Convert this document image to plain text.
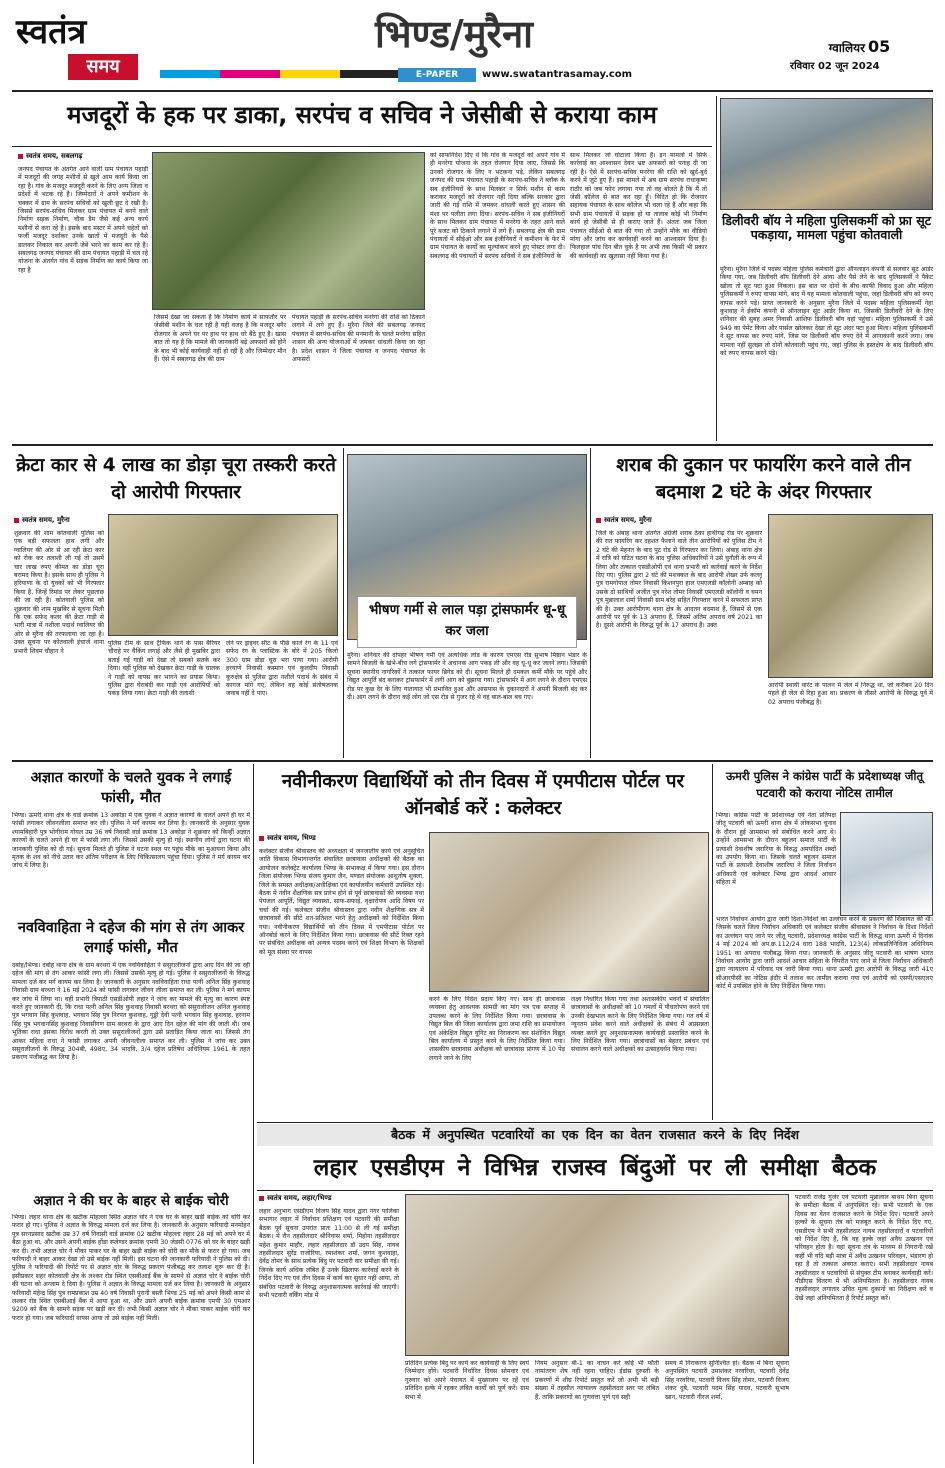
स्वतंत्र
समय
भिण्ड/मुरैना
E-PAPER	www.swatantrasamay.com
ग्वालियर 05
रविवार 02 जून 2024
मजदूरों के हक पर डाका, सरपंच व सचिव ने जेसीबी से कराया काम
स्वतंत्र समय, सबलगढ़
जनपद पंचायत के अंतर्गत आने वाली ग्राम पंचायत पहाड़ी में मजदूरों की जगह मशीनों से खुले आम कार्य किया जा रहा है। गांव के मजदूर मजदूरी करने के लिए अन्य जिला व प्रदेशों में भटक रहे है। जिम्मेदारों ने अपने कमीशन के चक्कर में ग्राम के सरपंच सचिवों को खुली छूट दे रखी है। जिससे सरपंच-सचिव मिलकर ग्राम पंचायत में बनने वाले निर्माण सड़क निर्माण, चौक डैम जैसे कई अन्य कार्य मशीनों से करा रहे है। इसके बाद मस्टर में अपने चहेतों को फर्जी मजदूर दर्शाकर उनके खातों में मजदूरी के पैसे डालकर निकाल कर अपनी जेबें भरने का काम कर रहे है। सबलगढ़ जनपद पंचायत की ग्राम पंचायत पहाड़ी में चल रहे योजना के अंतर्गत गांव में सड़क निर्माण का कार्य किया जा रहा है
जिसमें देखा जा सकता है कि निर्माण कार्य में साफतौर पर जेसीबी मशीन के चल रही है यही वजह है कि मजदूर बगैर रोजगार के अपने घर पर हाथ पर हाथ धरे बैठे हुए है। खास बात तो यह है कि मामले की जानकारी बढ़े अफसरों को होने के बाद भी कोई कार्यवाही नहीं हो रही है और जिम्मेदार मौन हैं। ऐसे में सबलगढ़ क्षेत्र की ग्राम
पंचायत पहाड़ी के सरपंच-सचिव मनरेगा की राशि को ठिकाने लगाने में लगे हुए हैं। मुरैना जिले की सबलगढ़ जनपद पंचायत में सरपंच-सचिव की मनमानी के चलते मनरेगा सहित शासन की अन्य योजनाओं में जमकर धांधली किया जा रहा है। प्रदेश शासन ने जिला पंचायत व जनपद पंचायत के अफसरों
को साफनिर्देश दिए थे कि गांव के मजदूरों को अपने गांव में ही मनरेगा योजना के तहत रोजगार दिया जाए, जिससे कि उनको रोजगार के लिए न भटकना पड़े, लेकिन सबलगढ़ जनपद की ग्राम पंचायत पहाड़ी के सरपंच-सचिव ने ब्लॉक के सब इंजीनियरों के साथ मिलकर न सिर्फ मशीन से काम कराकर मजदूरों को रोजगार नहीं दिया बल्कि सरकार द्वारा जारी की गई राशि में जमकर धांधली करते हुए शासन की मंशा पर पलीता लगा दिया। सरपंच-सचिव ने सब इंजीनियरों के साथ मिलकर ग्राम पंचायत में मनरेगा के तहत आने वाले पूरे बजट को ठिकाने लगाने में लगे हैं। सबलगढ़ क्षेत्र की ग्राम पंचायतों में सीईओ और सब इंजीनियरों ने कमीशन के फेर में ग्राम पंचायत के कार्यों का मूल्यांकन करने हुए पोस्टर लगा दी। सबलगढ़ की पंचायतों में सरपंच सचिवों ने सब इंजीनियरों के
साथ मिलकर जो घोटाला किया है। इन मामलों में सिर्फ कार्रवाई का आश्वासन देकर भ्रष्ट अफसरों को पनाह दी जा रही है। ऐसे में सरपंच-सचिव मनरेगा की राशि को खुर्द-बुर्द करने में जुटे हुए हैं। इस मामले में अब ग्राम सरपंच राधाकृष्ण राठौर को जब फोन लगाया गया तो वह बोलते है कि मैं तो जेसी कॉलेज से बात कर रहा हूँ। विदित हो कि रोजगार सहायक पंचायत के साथ कॉलेज भी चला रहे हैं और कहा कि सभी ग्राम पंचायतों में सड़क हो या तालाब कोई भी निर्माण कार्य हो जेसीबी से ही कराए जाते हैं। अंततः जब जिला पंचायत सीईओ से बात की गया तो उन्होंने मौके का वीडियो मांगा और जांच कर कार्यवाही करने का आश्वासन दिया है। फिलहाल पांच दिन बीत चुके है पर अभी तक किसी भी प्रकार की कार्यवाही का खुलासा नहीं किया गया है।
डिलीवरी बॉय ने महिला पुलिसकर्मी को फ्रा सूट पकड़ाया, मामला पहुंचा कोतवाली
मुरैना। मुरैना जिले में पदस्थ महिला पुलिस कर्मचारी द्वारा ऑनलाइन कंपनी से सलवार सूट आर्डर किया गया, जब डिलीवरी बॉय डिलीवरी देने आया और पैसे लेने के बाद पुलिसकर्मी ने पैकेट खोला तो सूट फ्टा हुआ निकला। इस बात पर दोनों के बीच काफी विवाद हुआ और महिला पुलिसकर्मी ने रुपए वापस मांगे, बाद में यह मामला कोतवाली पहुंचा, जहां डिलीवरी बॉय को रुपए वापस करने पड़े। प्राप्त जानकारी के अनुसार मुरैना जिले में पदस्थ महिला पुलिसकर्मी नेहा कुशवाह ने ईकॉम कंपनी से ऑनलाइन सूट आर्डर किया था, जिसकी डिलीवरी देने के लिए शनिवार की सुबह अमर निवासी आशिफ डिलीवरी बॉय वहां पहुंचा। महिला पुलिसकर्मी ने उसे 949 का पेमेंट किया और पार्सल खोलकर देखा तो सूट अंदर फ्टा हुआ मिला। महिला पुलिसकर्मी ने सूट वापस कर रुपए मांगे, जिस पर डिलीवरी बॉय रुपए देने में आनाकानी करने लगा। जब मामला नहीं सुलझा तो दोनों कोतवाली पहुंच गए, जहां पुलिस के हस्तक्षेप के बाद डिलीवरी बॉय को रुपए वापस करने पड़े।
क्रेटा कार से 4 लाख का डोड़ा चूरा तस्करी करते दो आरोपी गिरफ्तार
स्वतंत्र समय, मुरैना
शुक्रवार की शाम कोतवाली पुलिस को एक बड़ी सफलता हाथ लगी और ग्वालियर की ओर से आ रही क्रेटा कार को रोक कर तलाशी ली गई तो उसमें चार लाख रुपए कीमत का डोड़ा चूरा बरामद किया है। इसके साथ ही पुलिस ने हरियाणा के दो युवकों को भी गिरफ्तार किया है, जिन्हें रिमांड पर लेकर पूछताछ की जा रही है। कोतवाली पुलिस को शुक्रवार की शाम मुखबिर से सूचना मिली कि एक सफेद कलर की क्रेटा गाड़ी से भारी मात्रा में नशीला पदार्थ ग्वालियर की ओर से मुरैना की तरफलाया जा रहा है। उक्त सूचना पर कोतवाली इंचार्ज थाना प्रभारी शिवम चौहान ने
पुलिस टीम के साथ ट्रैफिक थाने के पास बैरियर चौराहे पर चैकिंग लगाई और जैसे ही मुखबिर द्वारा बताई गई गाड़ी को देखा तो सबको सतर्क कर दिया। वहीं पुलिस को देखकर क्रेटा गाड़ी के चालक ने गाड़ी को वापस कर भागने का प्रयास किया। पुलिस द्वारा घेराबंदी कर गाड़ी एवं आरोपियों को पकड़ लिया गया। क्रेटा गाड़ी की तलाशी
लेने पर ड्राइवर सीट के पीछे काले रंग के 11 एवं सफेद रंग के प्लास्टिक के बोरे में 205 किलो 300 ग्राम डोड़ा चूरा भरा पाया गया। आरोपी हरयाणे निवासी कस्मान एवं कुलदीप निवासी कुरुक्षेत्र से पुलिस द्वारा नशीले पदार्थ के संबंध में कागज मांगे गए, लेकिन वह कोई संतोषजनक जवाब नहीं दे पाए।
भीषण गर्मी से लाल पड़ा ट्रांसफार्मर धू-धू कर जला
मुरैना। शनिवार की दोपहर भीषण गर्मी एवं अत्यधिक लोड के कारण एमएस रोड सुभाष मिष्ठान भंडार के सामने बिजली के खंभे-बीच लगे ट्रांसफार्मर ने अचानक आग पकड़ ली और वह धू-धू कर जलने लगा। जिसकी सूचना स्थानीय नागरिकों ने तत्काल फायर ब्रिगेड को दी। सूचना मिलते ही दमकल कर्मी मौके पर पहुंचे और विद्युत आपूर्ति बंद कराकर ट्रांसफार्मर में लगी आग को बुझाया गया। ट्रांसफार्मर में आग लगने के दौरान एमएस रोड पर कुछ देर के लिए यातायात भी प्रभावित हुआ और आसपास के दुकानदारों ने अपनी बिजली बंद कर दी। आग लगने के दौरान कई लोग जो एस रोड से गुजर रहे थे वह बाल-बाल बच गए।
शराब की दुकान पर फायरिंग करने वाले तीन बदमाश 2 घंटे के अंदर गिरफ्तार
स्वतंत्र समय, मुरैना
जिले के अंबाह थाना अंतर्गत अंग्रेजी शराब ठेका हाथीगढ़ रोड पर शुक्रवार की रात फायरिंग कर दहशत फैलाने वाले तीन आरोपियों को पुलिस टीम ने 2 घंटे की मेहनत के बाद पुट रोड से गिरफ्तार कर लिया। अंबाह थाना क्षेत्र में रात्रि को घटित घटना के बाद पुलिस अधिकारियों ने उसे चुनौती के रूप में लिया और तत्काल एसडीओपी एवं थाना प्रभारी को कार्रवाई करने के निर्देश दिए गए। पुलिस द्वारा 2 घंटे की मशक्कत के बाद आरोपी शेखर उर्फ कल्लू पुत्र रामगोपाल तोमर निवासी किशनपुरा हाल एमएलडी कॉलोनी अम्बाह को उसके दो साथियों अजीत पुत्र नरेश तोमर निवासी एमएलडी कॉलोनी व चमन पुत्र मुन्नालाल शर्मा निवासी ग्राम बरेह सहित गिरफ्तार करने में सफलता प्राप्त की है। उक्त आरोपीगण थाना क्षेत्र के आदतन बदमाश हैं, जिसमें से एक आरोपी पर पूर्व के 13 अपराध हैं, जिसमें अंतिम अपराध वर्ष 2021 का है। दूसरे आरोपी के विरुद्ध पूर्व के 17 अपराध हैं। उक्त
आरोपी स्थायी वारंट के पालन में जेल में निरुद्ध था, जो करीबन 20 दिन पहले ही जेल से रिहा हुआ था। प्रकरण के तीसरे आरोपी के विरुद्ध पूर्व में 02 अपराध पंजीबद्ध है।
अज्ञात कारणों के चलते युवक ने लगाई फांसी, मौत
भिण्ड। ऊमरी थाना क्षेत्र के वार्ड क्रमांक 13 अकोड़ा में एक युवक ने अज्ञात कारणों के चलते अपने ही घर में फांसी लगाकर जीवनलीला समाप्त कर ली। पुलिस ने मर्ग कायम कर लिया है। जानकारी के अनुसार युवक श्यामबिहारी पुत्र भोगीराम गोयल उम्र 36 वर्ष निवासी वार्ड क्रमांक 13 अकोड़ा ने शुक्रवार को किन्हीं अज्ञात कारणों के चलते अपने ही घर में फांसी लगा ली। जिससे उसकी मृत्यु हो गई। स्थानीय लोगों द्वारा घटना की जानकारी पुलिस को दी गई। सूचना मिलते ही पुलिस ने घटना स्थल पर पहुंच मौके का मुआयना किया और मृतक के शव को नीचे उतार कर अंतिम परीक्षण के लिए चिकित्सालय पहुंचा दिया। पुलिस ने मर्ग कायम कर जांच में लिया है।
नवविवाहिता ने दहेज की मांग से तंग आकर लगाई फांसी, मौत
दबोह/भिण्ड। दबोह थाना क्षेत्र के ग्राम बरथरा में एक नवविवाहिता ने ससुरालीजनों द्वारा आए दिन की जा रही दहेज की मांग से तंग आकर फांसी लगा ली। जिससे उसकी मृत्यु हो गई। पुलिस ने ससुरालीजनों के विरुद्ध मामला दर्ज कर मर्ग कायम कर लिया है। जानकारी के अनुसार नवविवाहिता राधा पत्नी अनिल सिंह कुशवाह निवासी ग्राम बरथरा ने 16 मई 2024 को फांसी लगाकर जीवन लीला समाप्त कर ली। पुलिस ने मर्ग कायम कर जांच में लिया था। वहीं प्रभारी त्रिपाठी एसडीओपी लहार ने जांच कर मामले की मृत्यु का कारण स्पष्ट करते हुए जानकारी दी, कि राधा पत्नी अनिल सिंह कुशवाह निवासी बरथरा को ससुरालीजन अनिल कुशवाह पुत्र भगवान सिंह कुशवाह, भगवान सिंह पुत्र निरपत कुशवाह, गुड्डी देवी पत्नी भगवान सिंह कुशवाह, हरनाम सिंह पुत्र भगवानसिंह कुशवाह निवासीगण ग्राम बरथरा के द्वारा आए दिन दहेज की मांग की जाती थी। जब भूतिका राधा इसका विरोध करती तो उक्त ससुरालीजनों द्वारा उसे प्रताड़ित किया जाता था। जिससे तंग आकर महिला राधा ने फांसी लगाकर अपनी जीवनलीला समाप्त कर ली। पुलिस ने जांच कर उक्त ससुरालीजनों के विरुद्ध 304बी, 498ए, 34 भादवि, 3/4 दहेज प्रतिषेध अधिनियम 1961 के तहत प्रकरण पंजीबद्ध कर लिया है।
अज्ञात ने की घर के बाहर से बाईक चोरी
भिण्ड। लहार थाना क्षेत्र के खटीक मोहल्ला स्थित अज्ञात चोर ने एक घर के बाहर खड़ी बाईक को चोरी कर फरार हो गए। पुलिस ने अज्ञात के विरुद्ध मामला दर्ज कर लिया है। जानकारी के अनुसार फरियादी मनमोहन पुत्र सरनप्रसाद खटीक उम्र 37 वर्ष निवासी वार्ड क्रमांक 02 खटीक मोहल्ला लहार 28 मई को अपने घर में बैठा हुआ था, और उसने अपनी बाईक होंडा स्प्लेण्डर क्रमांक एमपी 30 जेडसी 0776 को घर के बाहर खड़ी कर दी। तभी अज्ञात चोर ने मौका पाकर घर के बाहर खड़ी बाईक को चोरी कर मौके से फरार हो गया। जब फरियादी ने बाहर आकर देखा तो उसे बाईक नहीं मिली। इस घटना की जानकारी फरियादी ने पुलिस को दी। पुलिस ने फरियादी की रिपोर्ट पर से अज्ञात चोर के विरुद्ध प्रकरण पंजीबद्ध कर तलाश शुरू कर दी है। इसीप्रकार शहर कोतवाली क्षेत्र के लश्कर रोड स्थित एसबीआई बैंक के सामने से अज्ञात चोर ने बाईक चोरी की घटना को अन्जाम दे दिया है। पुलिस ने अज्ञात के विरुद्ध मामला दर्ज कर लिया है। जानकारी के अनुसार फरियादी मंहेन्द्र सिंह पुत्र रामप्रकाश उम्र 40 वर्ष निवासी पुरानी बस्ती भिण्ड 25 मई को अपने किसी काम से लश्कर रोड स्थित एसबीआई बैंक में आया हुआ था, और उसने अपनी बाईक क्रमांक एमपी 30 एमआर 9209 को बैंक के सामने सड़क पर खड़ी कर दी। तभी किसी अज्ञात चोर ने मौका पाकर बाईक चोरी कर फरार हो गया। जब फरियादी वापस आया तो उसे बाईक नहीं मिली।
नवीनीकरण विद्यार्थियों को तीन दिवस में एमपीटास पोर्टल पर ऑनबोर्ड करें : कलेक्टर
स्वतंत्र समय, भिण्ड
कलेक्टर संजीव श्रीवास्तव की अध्यक्षता में जनजातीय कार्य एवं अनुसूचित जाति विकास विभागान्तर्गत संचालित छात्रावास अधीक्षकों की बैठक का आयोजन कलेक्ट्रेट कार्यालय भिण्ड के सभाकक्ष में किया गया। इस दौरान जिला संयोजक भिण्ड संजय कुमार जैन, मण्डल संयोजक आशुतोष शुक्ला, जिले के समस्त अधीक्षक/अधीक्षिका एवं कार्यालयीन कर्मचारी उपस्थित रहे। बैठक में नवीन शैक्षणिक सत्र प्रारंभ होने से पूर्व छात्रावासों की व्यवस्था यथा पेयजल आपूर्ति, विद्युत व्यवस्था, साफ-सफाई, वृक्षारोपण आदि विषय पर चर्चा की गई। कलेक्टर संजीव श्रीवास्तव द्वारा नवीन शैक्षणिक सत्र में छात्रावासों की सीटें शत-प्रतिशत भरने हेतु अधीक्षकों को निर्देशित किया गया। नवीनीकरण विद्यार्थियों को तीन दिवस में एमपीटास पोर्टल पर ऑनबोर्ड करने के लिए निर्देशित किया गया। छात्रावास की सीटें रिक्त रहने पर संबंधित अधीक्षक को अन्यत्र पदस्थ करने एवं शिक्षा विभाग के शिक्षकों को मूल संस्था पर वापस
करने के लिए निर्देश प्रदाय किए गए। साथ ही छात्रावास व्यवस्था हेतु आवश्यक सामग्री का मांग पत्र एक सप्ताह में उपलब्ध करने के लिए निर्देशित किया गया। छात्रावास के विद्युत बिल की जिला कार्यालय द्वारा जमा राशि का समायोजन एवं अंकेक्षित विद्युत यूनिट का निराकरण कर संशोधित विद्युत बिल कार्यालय में प्रस्तुत करने के लिए निर्देशित किया गया। शासकीय छात्रावास अधीक्षक को छात्रावास प्रांगण में 10 पेड़ लगाने जाने के लिए
लक्ष्य निर्धारित किया गया तथा अशासकीय भवनों में संचालित छात्रावासों के अधीक्षकों को 10 गमलों में पौधारोपण करने एवं उनकी देखभाल करने के लिए निर्देशित किया गया। गत वर्ष में न्यूनतम प्रवेश करने वाले अधीक्षकों के संबंध में अप्रसन्नता व्यक्त करते हुए अनुशासनात्मक कार्यवाही प्रस्तावित करने के लिए निर्देशित किया गया। छात्रावासों का बेहतर प्रबंधन एवं संचालन करने वाले अधीक्षकों का उत्साहवर्धन किया गया।
ऊमरी पुलिस ने कांग्रेस पार्टी के प्रदेशाध्यक्ष जीतू पटवारी को कराया नोटिस तामील
भिण्ड। कांग्रेस पार्टी के प्रदेशाध्यक्ष एवं नेता प्रतिपक्ष जीतू पटवारी को ऊमरी थाना क्षेत्र में लोकसभा चुनाव के दौरान हुई आमसभा को संबोधित करने आए थे। उन्होंने आमसभा के दौरान बहुजन समाज पार्टी के प्रत्याशी देवाशीष जरारिया के विरुद्ध अमर्यादित शब्दों का उपयोग किया था। जिसके चलते बहुजन समाज पार्टी के प्रत्याशी देवाशीष जरारिया ने जिला निर्वाचन अधिकारी एवं कलेक्टर भिण्ड द्वारा आदर्श आचार संहिता में
भारत निर्वाचन आयोग द्वारा जारी दिशा-निर्देशों का उल्लंघन करने के प्रकरण की शिकायत की थी। जिसके चलते जिला निर्वाचन अधिकारी एवं कलेक्टर संजीव श्रीवास्तव ने निर्वाचन के दिशा निर्देशों का उल्लंघन पाए जाने पर जीतू पटवारी, प्रदेशाध्यक्ष कांग्रेस पार्टी के विरुद्ध थाना ऊमरी में दिनांक 4 मई 2024 को अप.क्र.112/24 धारा 188 भादवि, 123(4) लोकप्रतिनिधित्व अधिनियम 1951 का अपराध पंजीबद्ध किया गया। जानकारी के अनुसार जीतू पटवारी का भाषण भारत निर्वाचन आयोग द्वारा जारी आदर्श आचार संहिता के विपरीत पाए जाने से जिला निर्वाचन अधिकारी द्वारा न्यायालय में परिवाद पत्र जारी किया गया। थाना ऊमरी द्वारा आरोपी के विरुद्ध जारी 41ए सीआरपीसी का नोटिस इंदौर में तलाश कर तामील कराया गया एवं आरोपी को एसपी/एसएलए कोर्ट में उपस्थित होने के लिए निर्देशित किया गया।
बैठक में अनुपस्थित पटवारियों का एक दिन का वेतन राजसात करने के दिए निर्देश
लहार एसडीएम ने विभिन्न राजस्व बिंदुओं पर ली समीक्षा बैठक
स्वतंत्र समय, लहार/भिण्ड
लहार अनुभाग एसडीएम विजय सिंह यादव द्वारा नगर पालिका सभागार लहार में निर्वाचन प्रशिक्षण एवं पटवारी की समीक्षा बैठक पूर्व सूचना उपरांत प्रातः 11:00 से ली गई समीक्षा बैठक। में रौन तहसीलदार श्रीनिवास शर्मा, मिहोना तहसीलदार महेश कुमार माहौर, लहार तहसीलदार डॉ उदय सिंह, नायब तहसीलदार सुरेंद्र राजोरिया, रमाशंकर शर्मा, जगन कुशवाहा, देवेंद्र तोमर के साथ प्रत्येक बिंदु पर पटवारी वार समीक्षा की गई। जिनके कार्य अधिक लंबित हैं उनके खिलाफ कार्रवाई करने के निर्देश दिए गए एवं तीन दिवस में कार्य कर सुधार नहीं आया, तो संबंधित पटवारी के विरुद्ध अनुशासनात्मक कार्रवाई की जाएगी। सभी पटवारी वर्किंग मोड में
प्रतिदिन प्रत्येक बिंदु पर कार्य कर कार्यवाही के लिए स्वयं जिम्मेदार होंगे। पटवारी निर्धारित दिवस सोमवार एवं गुरुवार को अपने पंचायत में मुख्यालय पर रहें एवं प्रतिदिन हल्के में रहकर लंबित कार्यों को पूर्ण करें। ग्राम सभा में
नियम अनुसार बी-1 का वाचन करें कोई भी फौती नामांतरण शेष नहीं रहना चाहिए। ईडांस दुरुस्ती के प्रकरणों में शीघ्र रिपोर्ट प्रस्तुत करें जो अभी भी बड़ी संख्या में तहसील न्यायालय तहसीलदार स्तर पर लंबित हैं, ताकि प्रकरणों का गुणवत्ता पूर्ण एवं सही
समय में निराकरण सुनिश्चित हो। बैठक में बिना सूचना अनुपस्थित पटवारी उमाशंकर नरवरिया, पटवारी देवेंद्र सिंह नरवरिया, पटवारी विजय सिंह तोमर, पटवारी विजय शंकर दुबे, पटवारी पदम सिंह यादव, पटवारी सुभाष खान, पटवारी नीरज शर्मा,
पटवारी राजेंद्र गुर्जर एवं पटवारी मुन्नालाल बाथम बिना सूचना के समीक्षा बैठक में अनुपस्थित रहे। सभी पटवारी के एक दिवस का वेतन राजसात करने के निर्देश दिए। पटवारी अपने हल्कों के सूचना तंत्र को मजबूत करने के निर्देश दिए गए, एसडीएम ने सभी तहसीलदार नायब तहसीलदारों व पटवारियों को निर्देश दिए हैं, कि वह हल्के जहां अवैध उत्खनन एवं परिवहन होता है। वहां सूचना तंत्र के माध्यम से निगरानी रखें कहीं भी यदि बड़ी मात्रा में अवैध उत्खनन परिवहन, भंडारण हो रहा है तो तत्काल अवगत कराएं। सभी तहसीलदार नायब तहसीलदार व पटवारियों से संयुक्त टीम बनाकर कार्यवाही करें। पीडीएस वितरण में भी अनियमितता है। तहसीलदार नायब तहसीलदार लगातार उचित मूल्य दुकानों का निरीक्षण करें व देखें जहां अनियमितता है रिपोर्ट प्रस्तुत करें।
